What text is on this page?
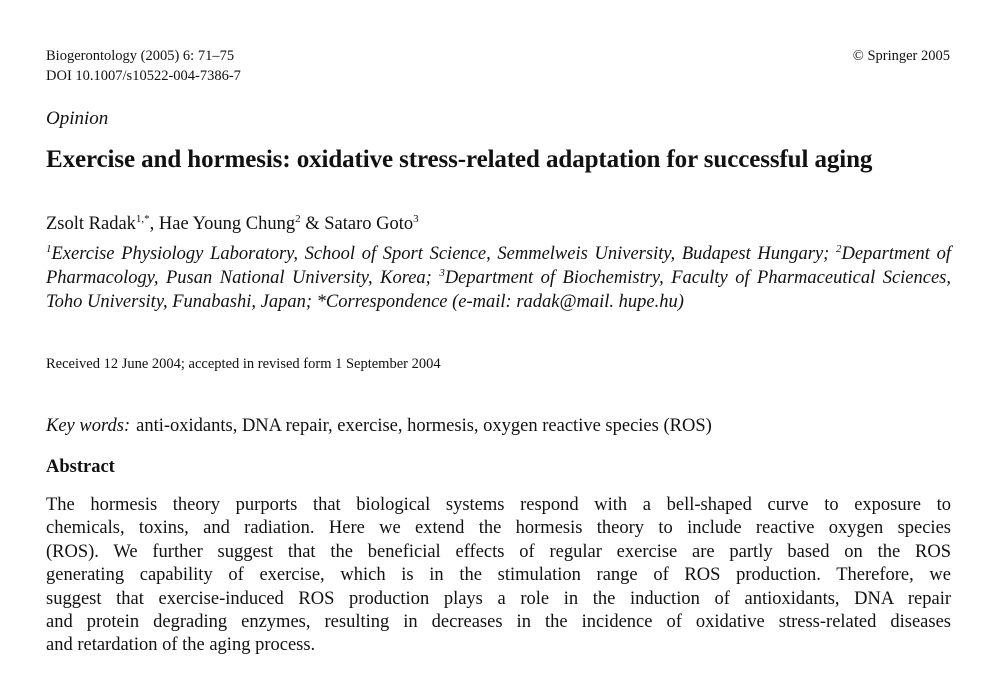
Biogerontology (2005) 6: 71–75
DOI 10.1007/s10522-004-7386-7
© Springer 2005
Opinion
Exercise and hormesis: oxidative stress-related adaptation for successful aging
Zsolt Radak$^{1,*}$, Hae Young Chung$^2$ & Sataro Goto$^3$
$^1$Exercise Physiology Laboratory, School of Sport Science, Semmelweis University, Budapest Hungary; $^2$Department of Pharmacology, Pusan National University, Korea; $^3$Department of Biochemistry, Faculty of Pharmaceutical Sciences, Toho University, Funabashi, Japan; *Correspondence (e-mail: radak@mail. hupe.hu)
Received 12 June 2004; accepted in revised form 1 September 2004
Key words: anti-oxidants, DNA repair, exercise, hormesis, oxygen reactive species (ROS)
Abstract
The hormesis theory purports that biological systems respond with a bell-shaped curve to exposure to
chemicals, toxins, and radiation. Here we extend the hormesis theory to include reactive oxygen species
(ROS). We further suggest that the beneficial effects of regular exercise are partly based on the ROS
generating capability of exercise, which is in the stimulation range of ROS production. Therefore, we
suggest that exercise-induced ROS production plays a role in the induction of antioxidants, DNA repair
and protein degrading enzymes, resulting in decreases in the incidence of oxidative stress-related diseases
and retardation of the aging process.
